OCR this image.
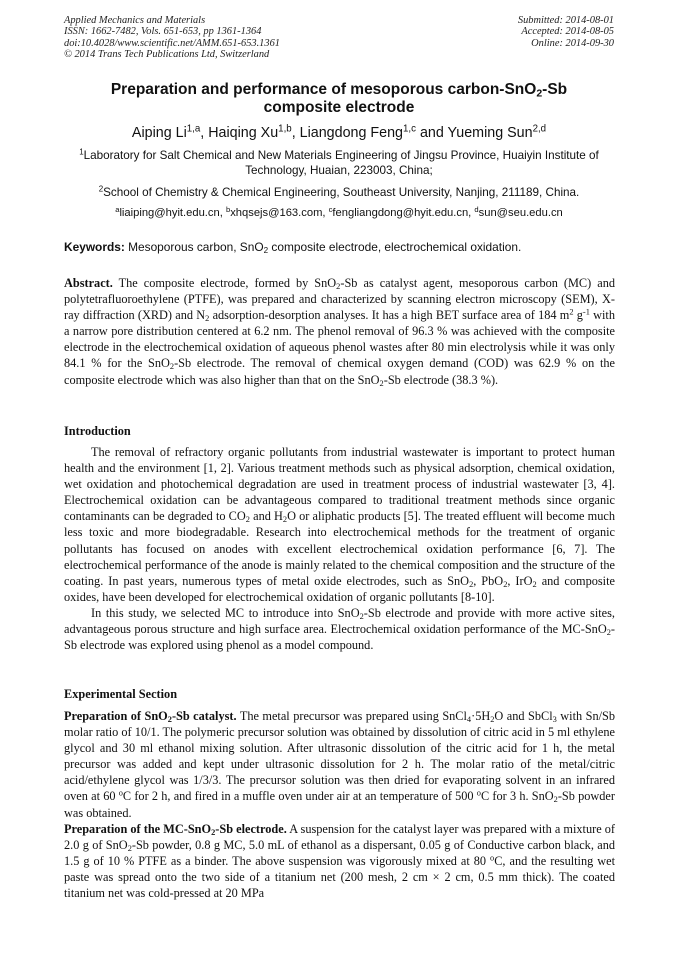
Applied Mechanics and Materials
ISSN: 1662-7482, Vols. 651-653, pp 1361-1364
doi:10.4028/www.scientific.net/AMM.651-653.1361
© 2014 Trans Tech Publications Ltd, Switzerland
Submitted: 2014-08-01
Accepted: 2014-08-05
Online: 2014-09-30
Preparation and performance of mesoporous carbon-SnO$_2$-Sb composite electrode
Aiping Li$^{1,a}$, Haiqing Xu$^{1,b}$, Liangdong Feng$^{1,c}$ and Yueming Sun$^{2,d}$
$^1$Laboratory for Salt Chemical and New Materials Engineering of Jingsu Province, Huaiyin Institute of Technology, Huaian, 223003, China;
$^2$School of Chemistry & Chemical Engineering, Southeast University, Nanjing, 211189, China.
$^a$liaiping@hyit.edu.cn, $^b$xhqsejs@163.com, $^c$fengliangdong@hyit.edu.cn, $^d$sun@seu.edu.cn
Keywords: Mesoporous carbon, SnO$_2$ composite electrode, electrochemical oxidation.

Abstract. The composite electrode, formed by SnO$_2$-Sb as catalyst agent, mesoporous carbon (MC) and polytetrafluoroethylene (PTFE), was prepared and characterized by scanning electron microscopy (SEM), X-ray diffraction (XRD) and $N_2$ adsorption-desorption analyses. It has a high BET surface area of 184 $m^2$ $g^{-1}$ with a narrow pore distribution centered at 6.2 nm. The phenol removal of 96.3 % was achieved with the composite electrode in the electrochemical oxidation of aqueous phenol wastes after 80 min electrolysis while it was only 84.1 % for the SnO$_2$-Sb electrode. The removal of chemical oxygen demand (COD) was 62.9 % on the composite electrode which was also higher than that on the SnO$_2$-Sb electrode (38.3 %).

Introduction

The removal of refractory organic pollutants from industrial wastewater is important to protect human health and the environment [1, 2]. Various treatment methods such as physical adsorption, chemical oxidation, wet oxidation and photochemical degradation are used in treatment process of industrial wastewater [3, 4]. Electrochemical oxidation can be advantageous compared to traditional treatment methods since organic contaminants can be degraded to $CO_2$ and $H_2O$ or aliphatic products [5]. The treated effluent will become much less toxic and more biodegradable. Research into electrochemical methods for the treatment of organic pollutants has focused on anodes with excellent electrochemical oxidation performance [6, 7]. The electrochemical performance of the anode is mainly related to the chemical composition and the structure of the coating. In past years, numerous types of metal oxide electrodes, such as SnO$_2$, PbO$_2$, IrO$_2$ and composite oxides, have been developed for electrochemical oxidation of organic pollutants [8-10].

In this study, we selected MC to introduce into SnO$_2$-Sb electrode and provide with more active sites, advantageous porous structure and high surface area. Electrochemical oxidation performance of the MC-SnO$_2$-Sb electrode was explored using phenol as a model compound.

Experimental Section

Preparation of SnO$_2$-Sb catalyst. The metal precursor was prepared using $SnCl_4\cdot 5H_2O$ and SbCl$_3$ with Sn/Sb molar ratio of 10/1. The polymeric precursor solution was obtained by dissolution of citric acid in 5 ml ethylene glycol and 30 ml ethanol mixing solution. After ultrasonic dissolution of the citric acid for 1 h, the metal precursor was added and kept under ultrasonic dissolution for 2 h. The molar ratio of the metal/citric acid/ethylene glycol was 1/3/3. The precursor solution was then dried for evaporating solvent in an infrared oven at 60 $^o$C for 2 h, and fired in a muffle oven under air at an temperature of 500 $^o$C for 3 h. SnO$_2$-Sb powder was obtained.

Preparation of the MC-SnO$_2$-Sb electrode. A suspension for the catalyst layer was prepared with a mixture of 2.0 g of SnO$_2$-Sb powder, 0.8 g MC, 5.0 mL of ethanol as a dispersant, 0.05 g of Conductive carbon black, and 1.5 g of 10 % PTFE as a binder. The above suspension was vigorously mixed at 80 $^o$C, and the resulting wet paste was spread onto the two side of a titanium net (200 mesh, 2 cm × 2 cm, 0.5 mm thick). The coated titanium net was cold-pressed at 20 MPa
